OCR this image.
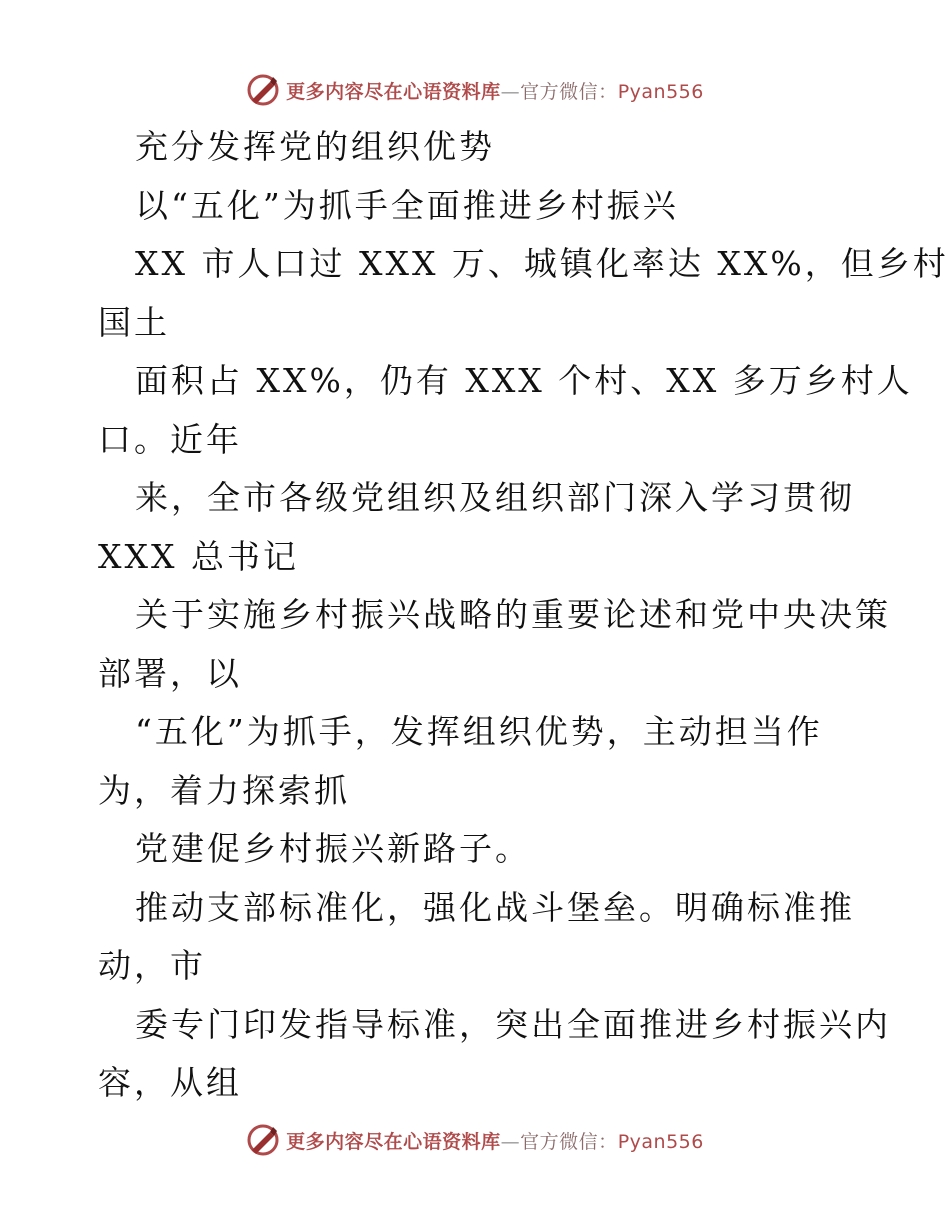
更多内容尽在心语资料库—官方微信：Pyan556
充分发挥党的组织优势
以“五化”为抓手全面推进乡村振兴
XX 市人口过 XXX 万、城镇化率达 XX%，但乡村
国土
面积占 XX%，仍有 XXX 个村、XX 多万乡村人
口。近年
来，全市各级党组织及组织部门深入学习贯彻
XXX 总书记
关于实施乡村振兴战略的重要论述和党中央决策
部署，以
“五化”为抓手，发挥组织优势，主动担当作
为，着力探索抓
党建促乡村振兴新路子。
推动支部标准化，强化战斗堡垒。明确标准推
动，市
委专门印发指导标准，突出全面推进乡村振兴内
容，从组
更多内容尽在心语资料库—官方微信：Pyan556
